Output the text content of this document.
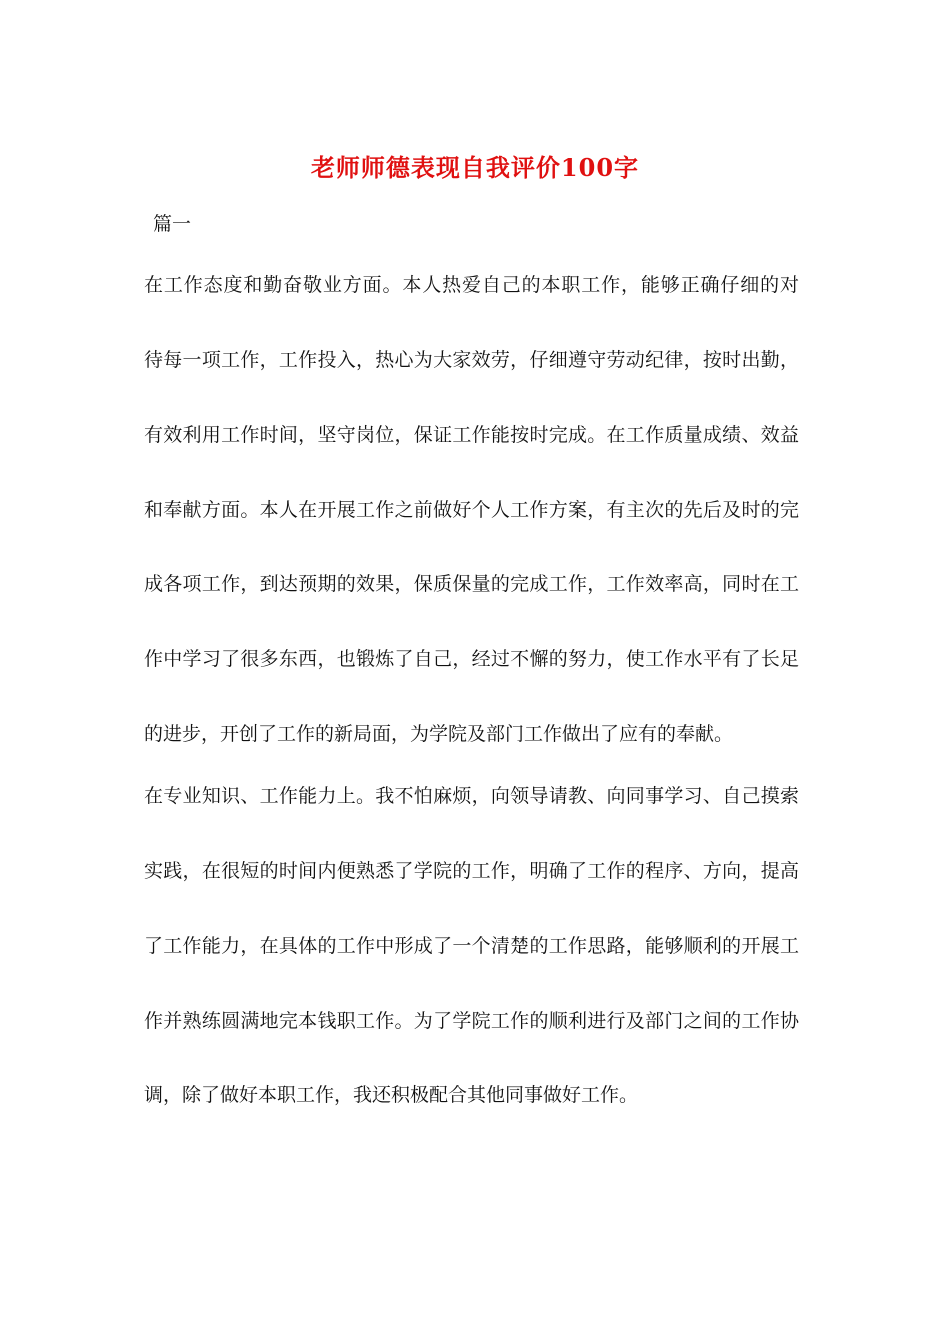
老师师德表现自我评价100字
篇一
在工作态度和勤奋敬业方面。本人热爱自己的本职工作，能够正确仔细的对
待每一项工作，工作投入，热心为大家效劳，仔细遵守劳动纪律，按时出勤，
有效利用工作时间，坚守岗位，保证工作能按时完成。在工作质量成绩、效益
和奉献方面。本人在开展工作之前做好个人工作方案，有主次的先后及时的完
成各项工作，到达预期的效果，保质保量的完成工作，工作效率高，同时在工
作中学习了很多东西，也锻炼了自己，经过不懈的努力，使工作水平有了长足
的进步，开创了工作的新局面，为学院及部门工作做出了应有的奉献。
在专业知识、工作能力上。我不怕麻烦，向领导请教、向同事学习、自己摸索
实践，在很短的时间内便熟悉了学院的工作，明确了工作的程序、方向，提高
了工作能力，在具体的工作中形成了一个清楚的工作思路，能够顺利的开展工
作并熟练圆满地完本钱职工作。为了学院工作的顺利进行及部门之间的工作协
调，除了做好本职工作，我还积极配合其他同事做好工作。
